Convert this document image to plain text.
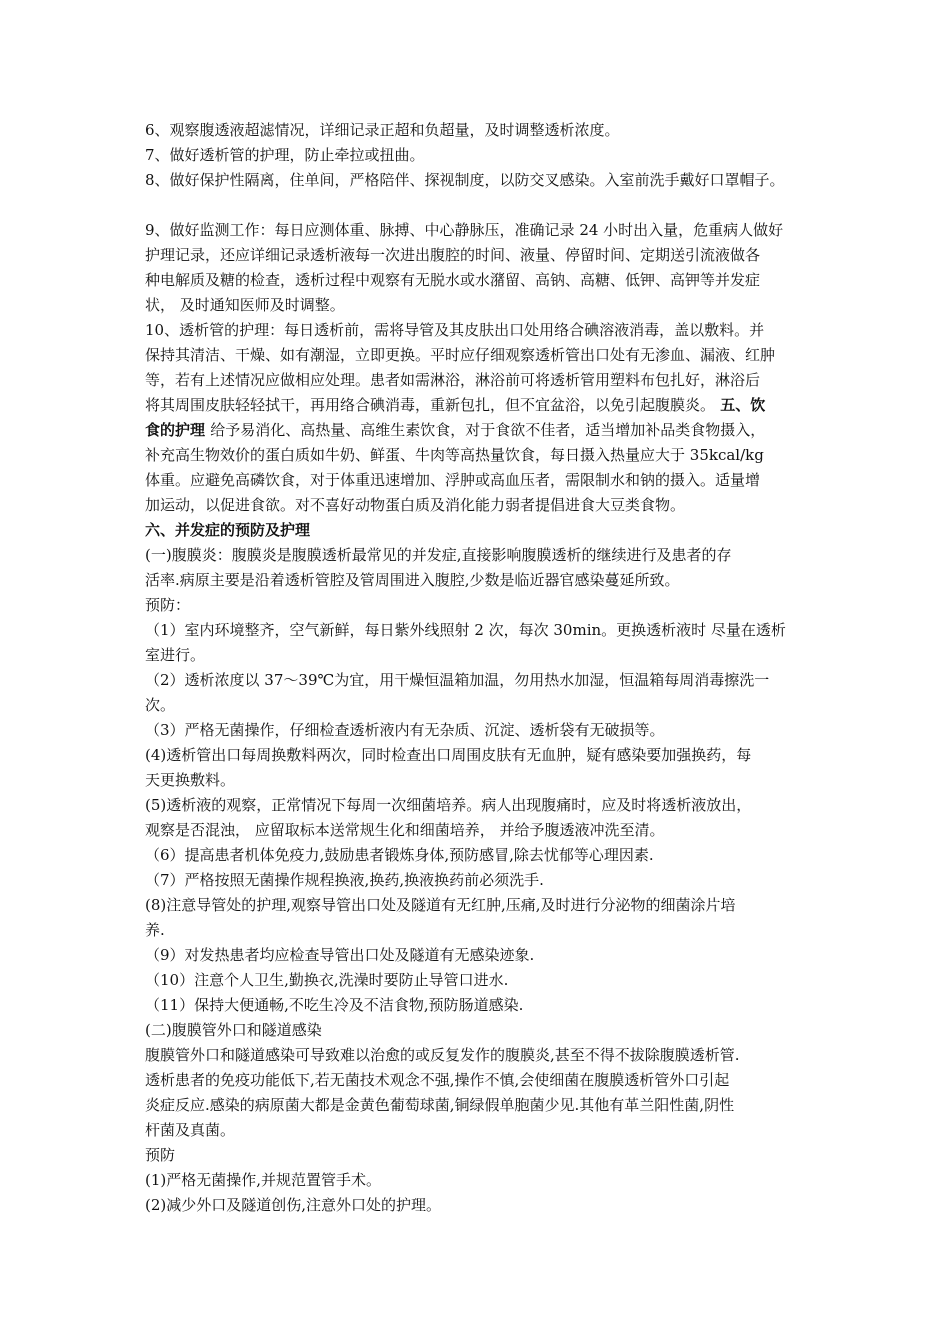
6、观察腹透液超滤情况，详细记录正超和负超量，及时调整透析浓度。

7、做好透析管的护理，防止牵拉或扭曲。

8、做好保护性隔离，住单间，严格陪伴、探视制度，以防交叉感染。入室前洗手戴好口罩帽子。

9、做好监测工作：每日应测体重、脉搏、中心静脉压，准确记录 24 小时出入量，危重病人做好

护理记录，还应详细记录透析液每一次进出腹腔的时间、液量、停留时间、定期送引流液做各

种电解质及糖的检查，透析过程中观察有无脱水或水潴留、高钠、高糖、低钾、高钾等并发症

状， 及时通知医师及时调整。

10、透析管的护理：每日透析前，需将导管及其皮肤出口处用络合碘溶液消毒，盖以敷料。并

保持其清洁、干燥、如有潮湿，立即更换。平时应仔细观察透析管出口处有无渗血、漏液、红肿

等，若有上述情况应做相应处理。患者如需淋浴，淋浴前可将透析管用塑料布包扎好，淋浴后

将其周围皮肤轻轻拭干，再用络合碘消毒，重新包扎，但不宜盆浴，以免引起腹膜炎。 五、饮

食的护理 给予易消化、高热量、高维生素饮食，对于食欲不佳者，适当增加补品类食物摄入，

补充高生物效价的蛋白质如牛奶、鲜蛋、牛肉等高热量饮食，每日摄入热量应大于 35kcal/kg

体重。应避免高磷饮食，对于体重迅速增加、浮肿或高血压者，需限制水和钠的摄入。适量增

加运动，以促进食欲。对不喜好动物蛋白质及消化能力弱者提倡进食大豆类食物。

六、并发症的预防及护理

(一)腹膜炎：腹膜炎是腹膜透析最常见的并发症,直接影响腹膜透析的继续进行及患者的存

活率.病原主要是沿着透析管腔及管周围进入腹腔,少数是临近器官感染蔓延所致。

预防：

（1）室内环境整齐，空气新鲜，每日紫外线照射 2 次，每次 30min。更换透析液时 尽量在透析

室进行。

（2）透析浓度以 37～39℃为宜，用干燥恒温箱加温，勿用热水加湿，恒温箱每周消毒擦洗一

次。

（3）严格无菌操作，仔细检查透析液内有无杂质、沉淀、透析袋有无破损等。

(4)透析管出口每周换敷料两次，同时检查出口周围皮肤有无血肿，疑有感染要加强换药，每

天更换敷料。

(5)透析液的观察，正常情况下每周一次细菌培养。病人出现腹痛时，应及时将透析液放出，

观察是否混浊， 应留取标本送常规生化和细菌培养， 并给予腹透液冲洗至清。

（6）提高患者机体免疫力,鼓励患者锻炼身体,预防感冒,除去忧郁等心理因素.

（7）严格按照无菌操作规程换液,换药,换液换药前必须洗手.

(8)注意导管处的护理,观察导管出口处及隧道有无红肿,压痛,及时进行分泌物的细菌涂片培

养.

（9）对发热患者均应检查导管出口处及隧道有无感染迹象.

（10）注意个人卫生,勤换衣,洗澡时要防止导管口进水.

（11）保持大便通畅,不吃生冷及不洁食物,预防肠道感染.

(二)腹膜管外口和隧道感染

腹膜管外口和隧道感染可导致难以治愈的或反复发作的腹膜炎,甚至不得不拔除腹膜透析管.

透析患者的免疫功能低下,若无菌技术观念不强,操作不慎,会使细菌在腹膜透析管外口引起

炎症反应.感染的病原菌大都是金黄色葡萄球菌,铜绿假单胞菌少见.其他有革兰阳性菌,阴性

杆菌及真菌。

预防

(1)严格无菌操作,并规范置管手术。

(2)减少外口及隧道创伤,注意外口处的护理。
